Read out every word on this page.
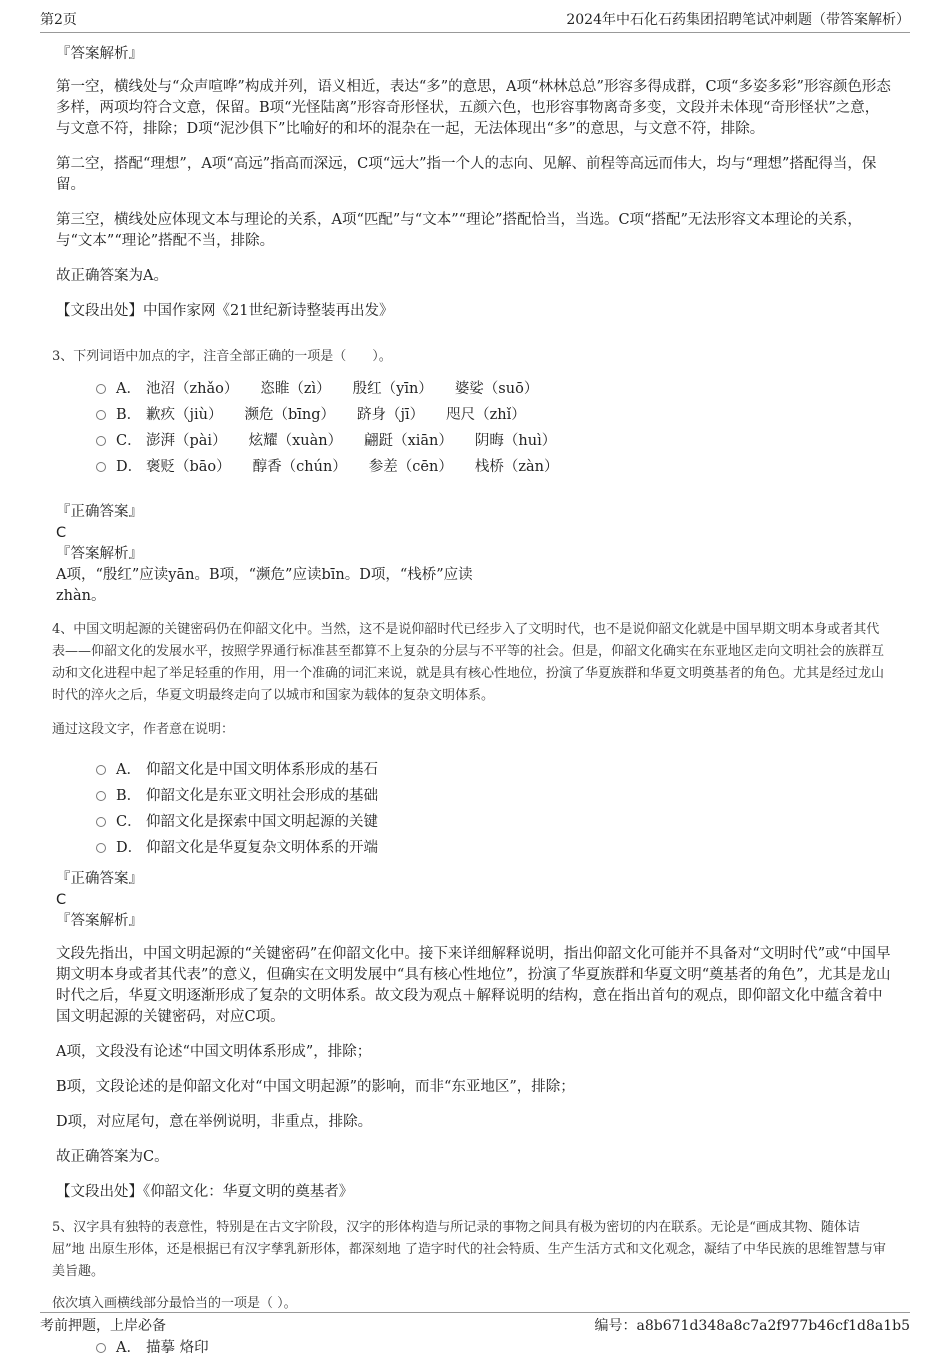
第2页	2024年中石化石药集团招聘笔试冲刺题（带答案解析）
『答案解析』

第一空，横线处与“众声喧哗”构成并列，语义相近，表达“多”的意思，A项“林林总总”形容多得成群，C项“多姿多彩”形容颜色形态多样，两项均符合文意，保留。B项“光怪陆离”形容奇形怪状，五颜六色，也形容事物离奇多变，文段并未体现“奇形怪状”之意，与文意不符，排除；D项“泥沙俱下”比喻好的和坏的混杂在一起，无法体现出“多”的意思，与文意不符，排除。

第二空，搭配“理想”，A项“高远”指高而深远，C项“远大”指一个人的志向、见解、前程等高远而伟大，均与“理想”搭配得当，保留。

第三空，横线处应体现文本与理论的关系，A项“匹配”与“文本”“理论”搭配恰当，当选。C项“搭配”无法形容文本理论的关系，与“文本”“理论”搭配不当，排除。

故正确答案为A。

【文段出处】中国作家网《21世纪新诗整装再出发》

3、下列词语中加点的字，注音全部正确的一项是（　　）。

A． 池沼（zhǎo） 恣睢（zì） 殷红（yīn） 婆娑（suō）
B． 歉疚（jiù） 濒危（bīng） 跻身（jī） 咫尺（zhǐ）
C． 澎湃（pài） 炫耀（xuàn） 翩跹（xiān） 阴晦（huì）
D． 褒贬（bāo） 醇香（chún） 参差（cēn） 栈桥（zàn）
『正确答案』
C
『答案解析』
A项，“殷红”应读yān。B项，“濒危”应读bīn。D项，“栈桥”应读
zhàn。

4、中国文明起源的关键密码仍在仰韶文化中。当然，这不是说仰韶时代已经步入了文明时代，也不是说仰韶文化就是中国早期文明本身或者其代表——仰韶文化的发展水平，按照学界通行标准甚至都算不上复杂的分层与不平等的社会。但是，仰韶文化确实在东亚地区走向文明社会的族群互动和文化进程中起了举足轻重的作用，用一个准确的词汇来说，就是具有核心性地位，扮演了华夏族群和华夏文明奠基者的角色。尤其是经过龙山时代的淬火之后，华夏文明最终走向了以城市和国家为载体的复杂文明体系。

通过这段文字，作者意在说明：

A． 仰韶文化是中国文明体系形成的基石
B． 仰韶文化是东亚文明社会形成的基础
C． 仰韶文化是探索中国文明起源的关键
D． 仰韶文化是华夏复杂文明体系的开端
『正确答案』
C
『答案解析』

文段先指出，中国文明起源的“关键密码”在仰韶文化中。接下来详细解释说明，指出仰韶文化可能并不具备对“文明时代”或“中国早期文明本身或者其代表”的意义，但确实在文明发展中“具有核心性地位”，扮演了华夏族群和华夏文明“奠基者的角色”，尤其是龙山时代之后，华夏文明逐渐形成了复杂的文明体系。故文段为观点＋解释说明的结构，意在指出首句的观点，即仰韶文化中蕴含着中国文明起源的关键密码，对应C项。

A项，文段没有论述“中国文明体系形成”，排除；

B项，文段论述的是仰韶文化对“中国文明起源”的影响，而非“东亚地区”，排除；

D项，对应尾句，意在举例说明，非重点，排除。

故正确答案为C。

【文段出处】《仰韶文化：华夏文明的奠基者》

5、汉字具有独特的表意性，特别是在古文字阶段，汉字的形体构造与所记录的事物之间具有极为密切的内在联系。无论是“画成其物、随体诘屈”地 出原生形体，还是根据已有汉字孳乳新形体，都深刻地 了造字时代的社会特质、生产生活方式和文化观念，凝结了中华民族的思维智慧与审美旨趣。

依次填入画横线部分最恰当的一项是（ ）。

A． 描摹 烙印
考前押题，上岸必备	编号：a8b671d348a8c7a2f977b46cf1d8a1b5
